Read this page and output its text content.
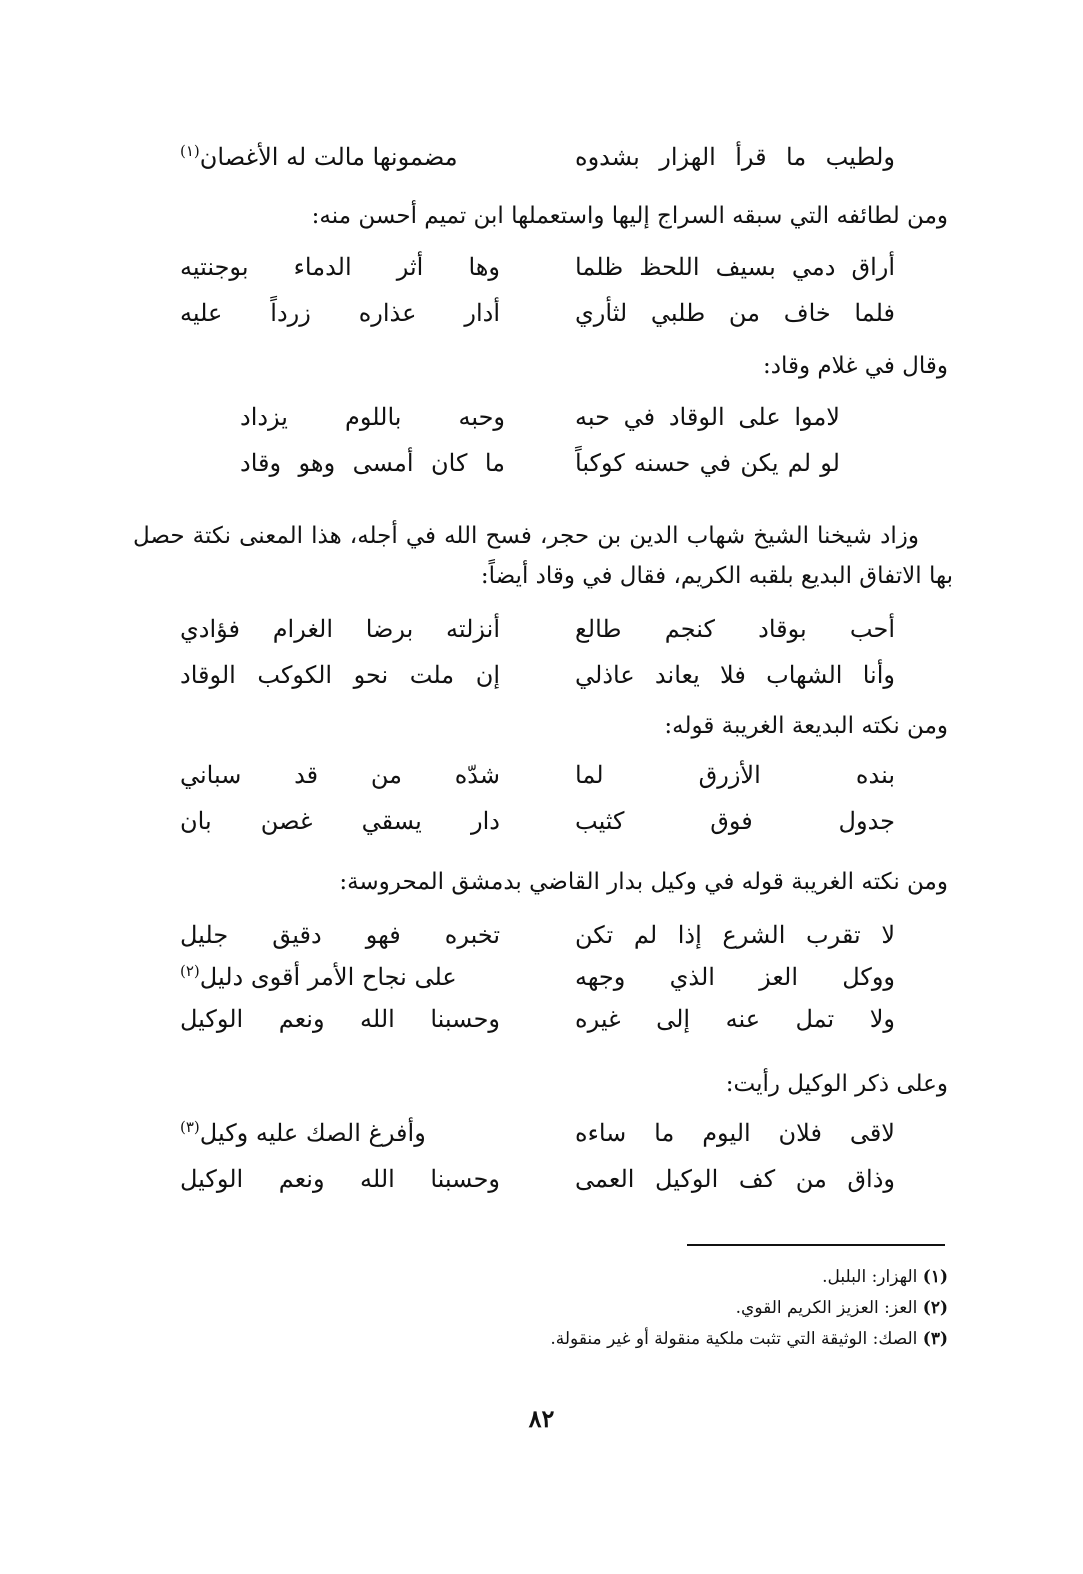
ولطيب ما قرأ الهزار بشدوه
مضمونها مالت له الأغصان$^{(١)}$
ومن لطائفه التي سبقه السراج إليها واستعملها ابن تميم أحسن منه:
أراق دمي بسيف اللحظ ظلما
وها أثر الدماء بوجنتيه
فلما خاف من طلبي لثأري
أدار عذاره زرداً عليه
وقال في غلام وقاد:
لاموا على الوقاد في حبه
وحبه باللوم يزداد
لو لم يكن في حسنه كوكباً
ما كان أمسى وهو وقاد
وزاد شيخنا الشيخ شهاب الدين بن حجر، فسح الله في أجله، هذا المعنى نكتة حصل بها الاتفاق البديع بلقبه الكريم، فقال في وقاد أيضاً:
أحب بوقاد كنجم طالع
أنزلته برضا الغرام فؤادي
وأنا الشهاب فلا يعاند عاذلي
إن ملت نحو الكوكب الوقاد
ومن نكته البديعة الغريبة قوله:
بنده الأزرق لما
شدّه من قد سباني
جدول فوق كثيب
دار يسقي غصن بان
ومن نكته الغريبة قوله في وكيل بدار القاضي بدمشق المحروسة:
لا تقرب الشرع إذا لم تكن
تخبره فهو دقيق جليل
ووكل العز الذي وجهه
على نجاح الأمر أقوى دليل$^{(٢)}$
ولا تمل عنه إلى غيره
وحسبنا الله ونعم الوكيل
وعلى ذكر الوكيل رأيت:
لاقى فلان اليوم ما ساءه
وأفرغ الصك عليه وكيل$^{(٣)}$
وذاق من كف الوكيل العمى
وحسبنا الله ونعم الوكيل
(١) الهزار: البلبل.
(٢) العز: العزيز الكريم القوي.
(٣) الصك: الوثيقة التي تثبت ملكية منقولة أو غير منقولة.
٨٢
